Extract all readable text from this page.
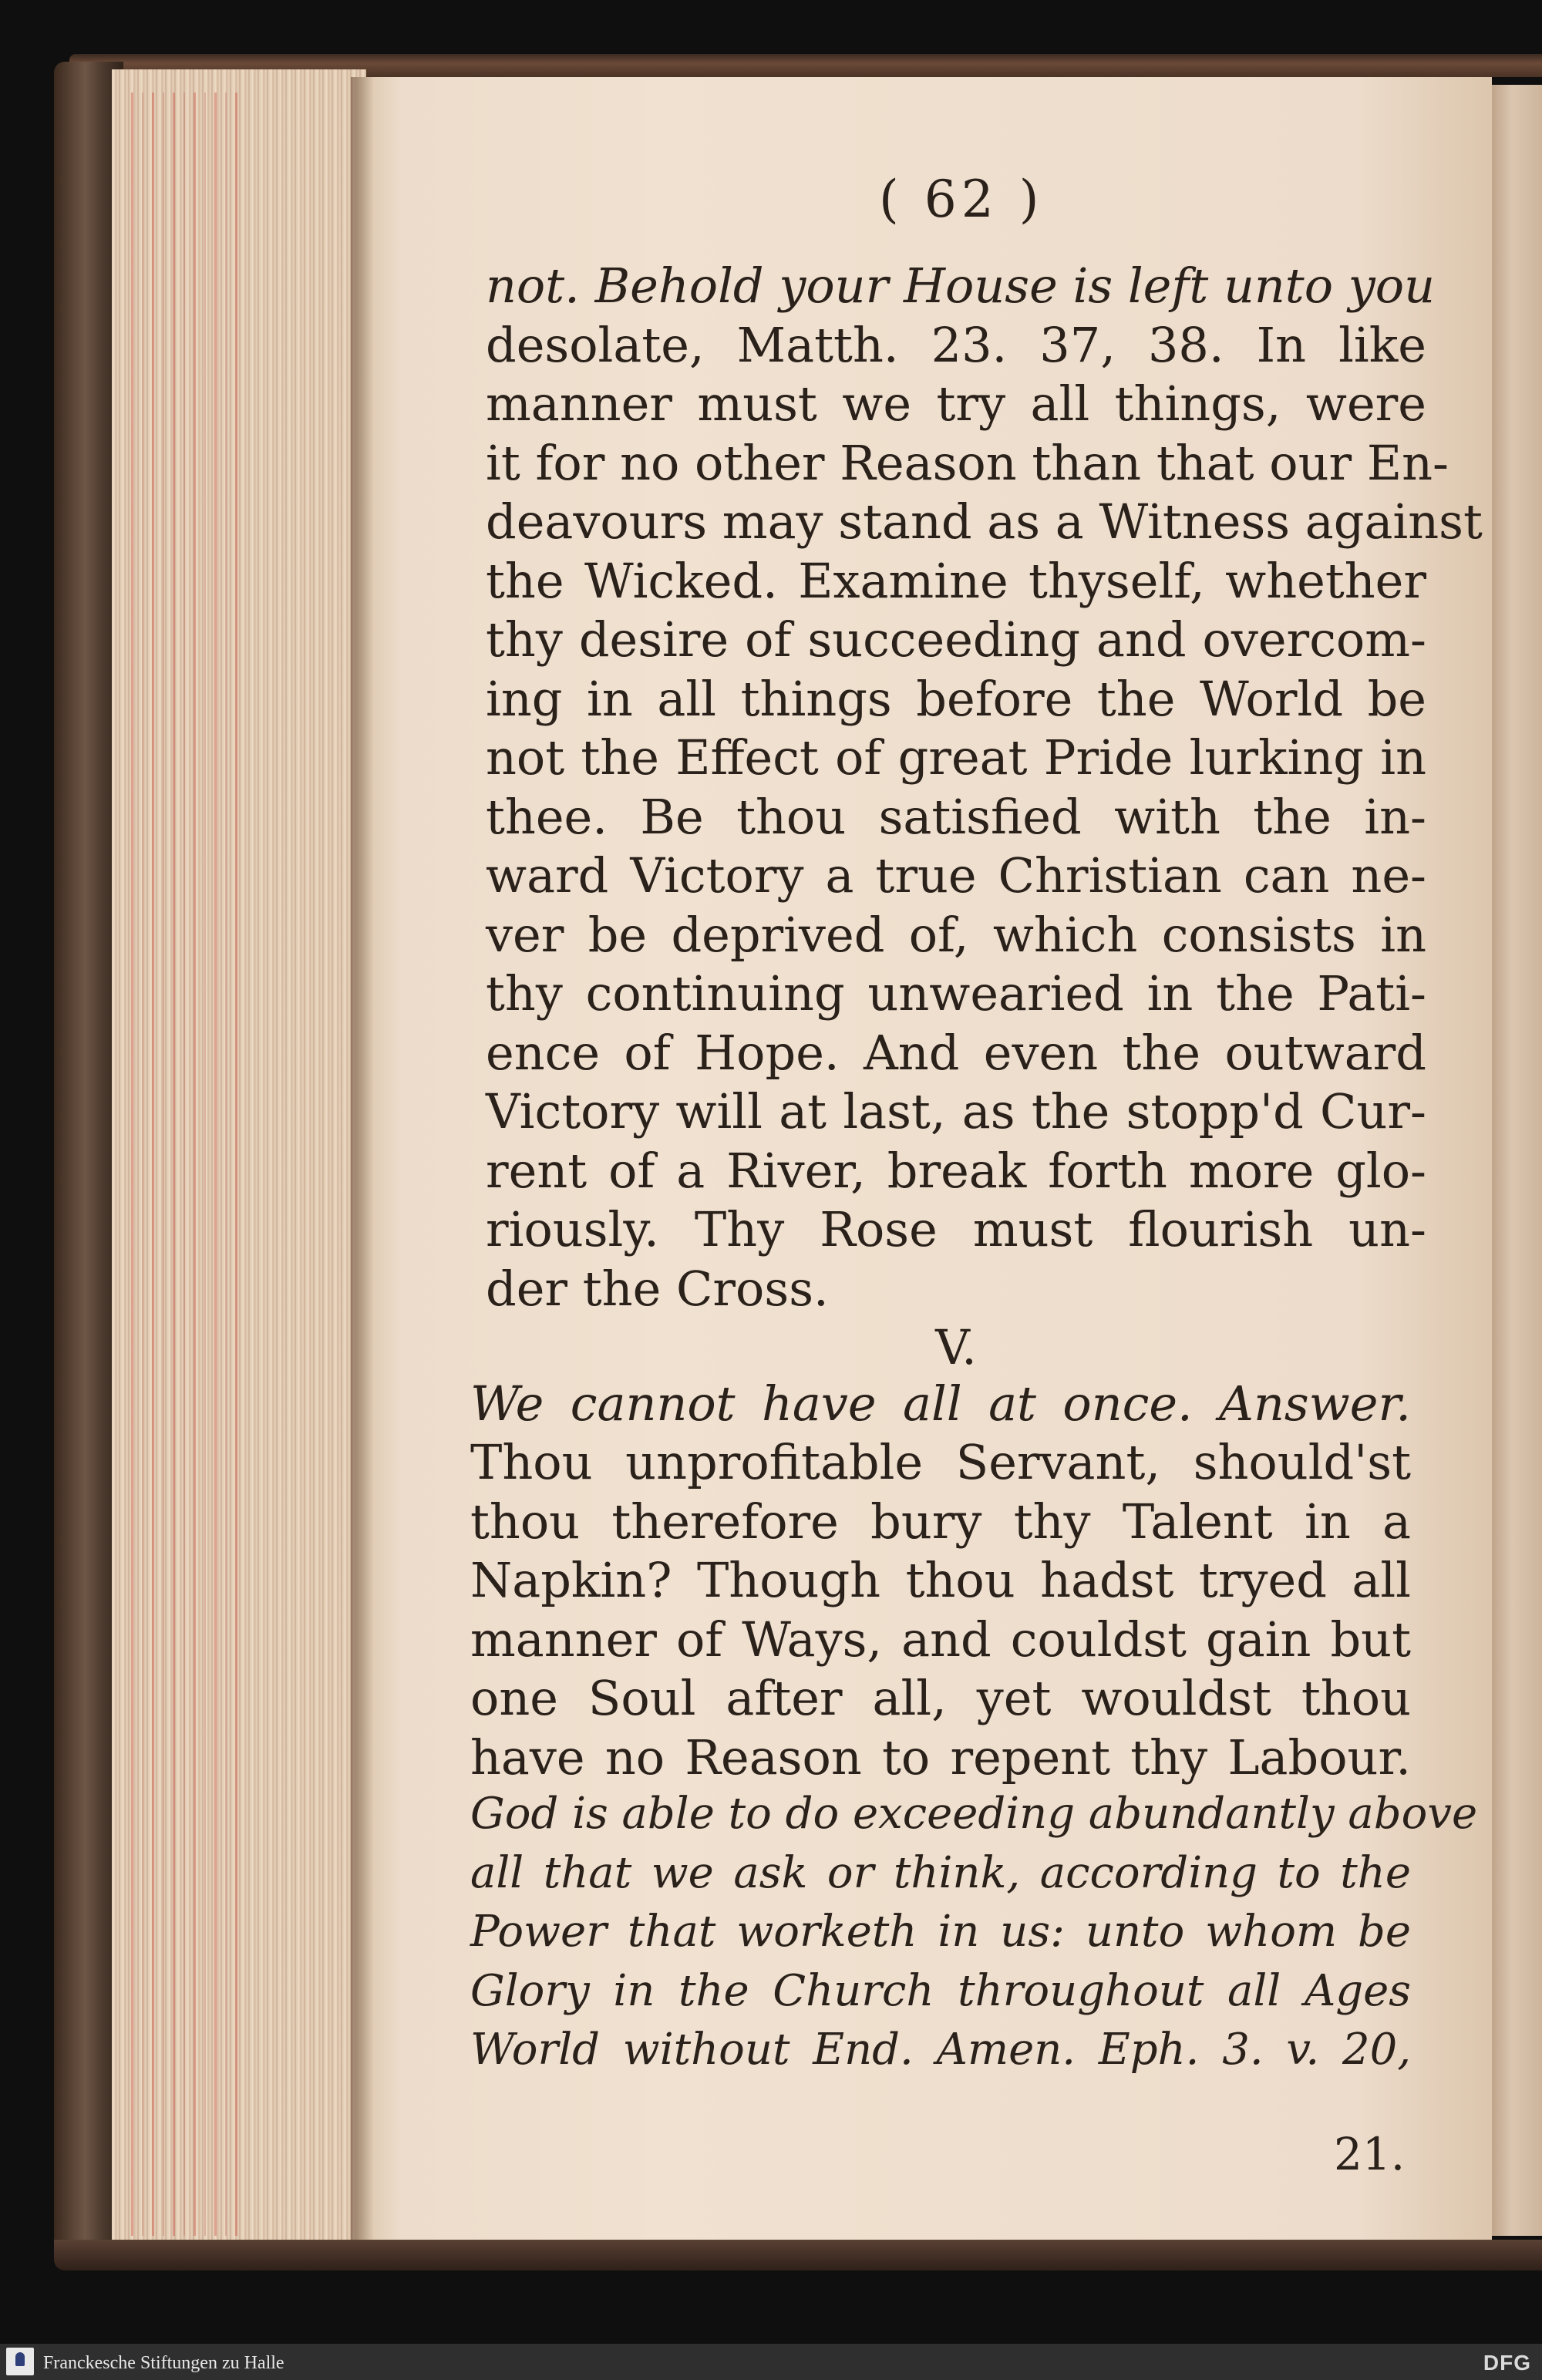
( 62 )
not. Behold your House is left unto you
desolate, Matth. 23. 37, 38. In like
manner must we try all things, were
it for no other Reason than that our En-
deavours may stand as a Witness against
the Wicked. Examine thyself, whether
thy desire of succeeding and overcom-
ing in all things before the World be
not the Effect of great Pride lurking in
thee. Be thou satisfied with the in-
ward Victory a true Christian can ne-
ver be deprived of, which consists in
thy continuing unwearied in the Pati-
ence of Hope. And even the outward
Victory will at last, as the stopp'd Cur-
rent of a River, break forth more glo-
riously. Thy Rose must flourish un-
der the Cross.
V.
We cannot have all at once. Answer.
Thou unprofitable Servant, should'st
thou therefore bury thy Talent in a
Napkin? Though thou hadst tryed all
manner of Ways, and couldst gain but
one Soul after all, yet wouldst thou
have no Reason to repent thy Labour.
God is able to do exceeding abundantly above
all that we ask or think, according to the
Power that worketh in us: unto whom be
Glory in the Church throughout all Ages
World without End. Amen. Eph. 3. v. 20,
21.
Franckesche Stiftungen zu Halle	DFG
